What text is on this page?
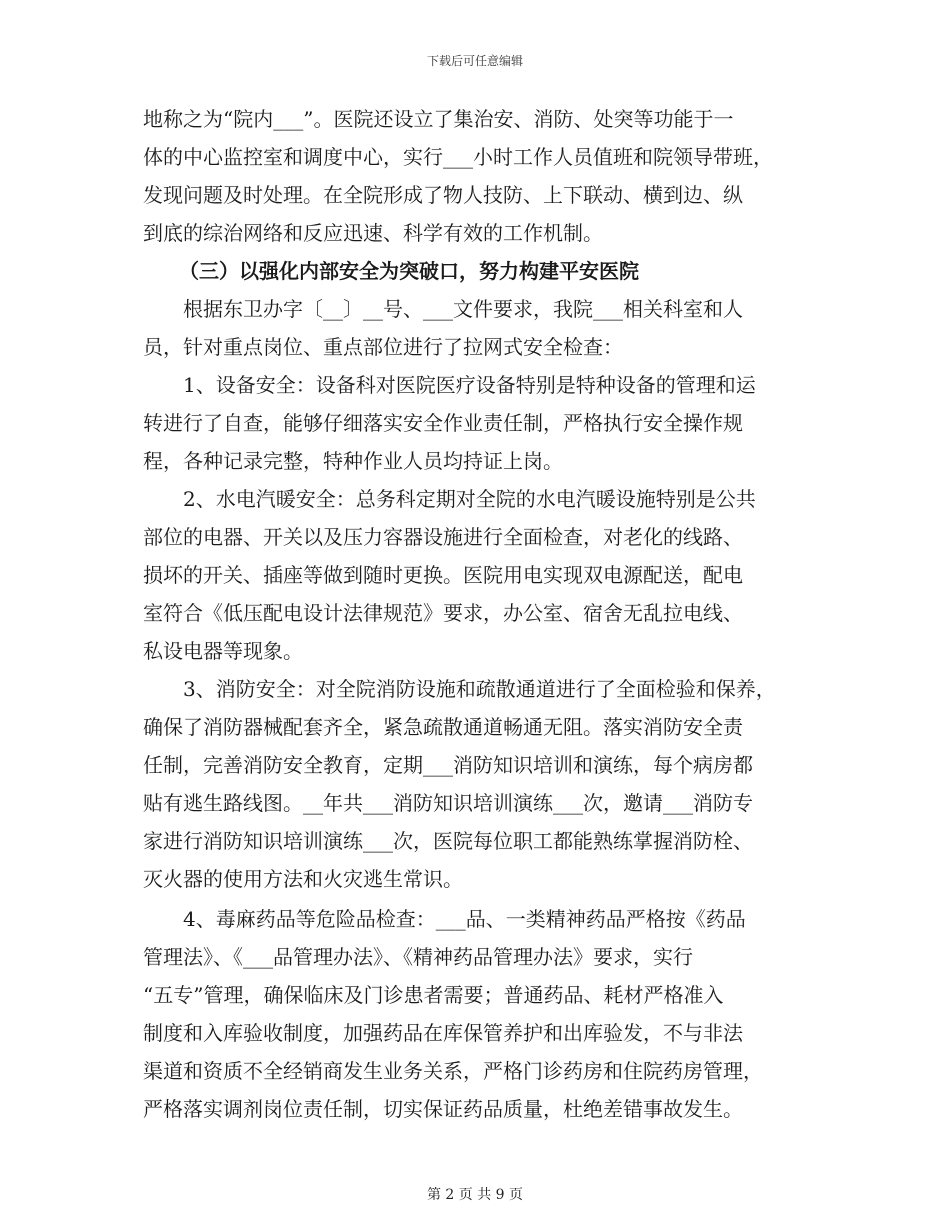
下载后可任意编辑
地称之为“院内___”。医院还设立了集治安、消防、处突等功能于一
体的中心监控室和调度中心，实行___小时工作人员值班和院领导带班，
发现问题及时处理。在全院形成了物人技防、上下联动、横到边、纵
到底的综治网络和反应迅速、科学有效的工作机制。
（三）以强化内部安全为突破口，努力构建平安医院
根据东卫办字〔__〕__号、___文件要求，我院___相关科室和人
员，针对重点岗位、重点部位进行了拉网式安全检查：
1、设备安全：设备科对医院医疗设备特别是特种设备的管理和运
转进行了自查，能够仔细落实安全作业责任制，严格执行安全操作规
程，各种记录完整，特种作业人员均持证上岗。
2、水电汽暖安全：总务科定期对全院的水电汽暖设施特别是公共
部位的电器、开关以及压力容器设施进行全面检查，对老化的线路、
损坏的开关、插座等做到随时更换。医院用电实现双电源配送，配电
室符合《低压配电设计法律规范》要求，办公室、宿舍无乱拉电线、
私设电器等现象。
3、消防安全：对全院消防设施和疏散通道进行了全面检验和保养，
确保了消防器械配套齐全，紧急疏散通道畅通无阻。落实消防安全责
任制，完善消防安全教育，定期___消防知识培训和演练，每个病房都
贴有逃生路线图。__年共___消防知识培训演练___次，邀请___消防专
家进行消防知识培训演练___次，医院每位职工都能熟练掌握消防栓、
灭火器的使用方法和火灾逃生常识。
4、毒麻药品等危险品检查：___品、一类精神药品严格按《药品
管理法》、《___品管理办法》、《精神药品管理办法》要求，实行
“五专”管理，确保临床及门诊患者需要；普通药品、耗材严格准入
制度和入库验收制度，加强药品在库保管养护和出库验发，不与非法
渠道和资质不全经销商发生业务关系，严格门诊药房和住院药房管理，
严格落实调剂岗位责任制，切实保证药品质量，杜绝差错事故发生。
第 2 页 共 9 页
